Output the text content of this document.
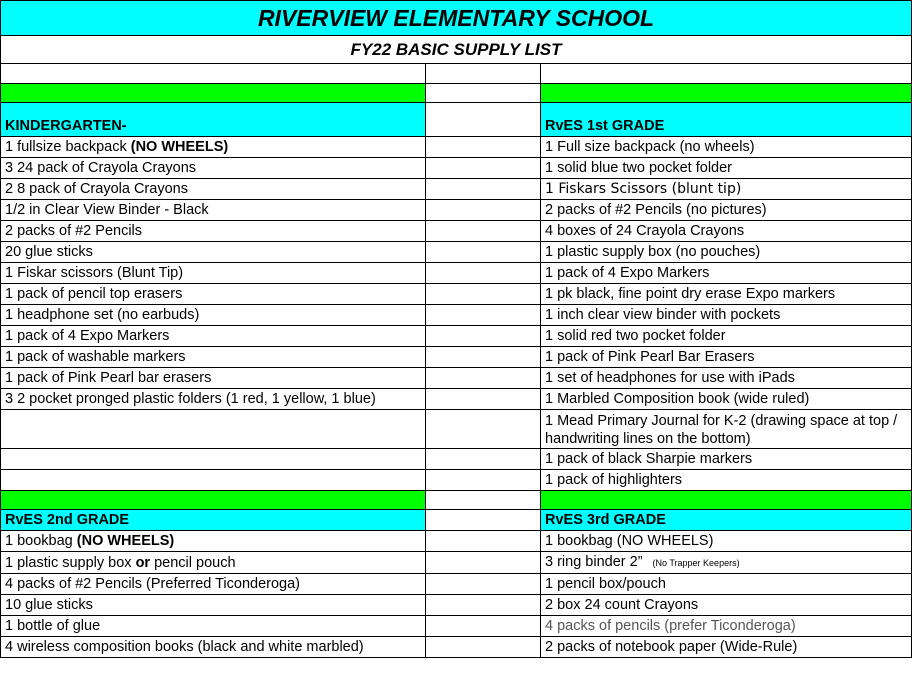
RIVERVIEW ELEMENTARY SCHOOL		
FY22 BASIC SUPPLY LIST		

KINDERGARTEN-		RvES 1st GRADE
1 fullsize backpack (NO WHEELS)		1 Full size backpack (no wheels)
3 24 pack of Crayola Crayons		1 solid blue two pocket folder
2 8 pack of Crayola Crayons		1 Fiskars Scissors (blunt tip)
1/2 in Clear View Binder - Black		2 packs of #2 Pencils (no pictures)
2 packs of #2 Pencils		4 boxes of 24 Crayola Crayons
20 glue sticks		1 plastic supply box (no pouches)
1 Fiskar scissors (Blunt Tip)		1 pack of 4 Expo Markers
1 pack of pencil top erasers		1 pk black, fine point dry erase Expo markers
1 headphone set (no earbuds)		1 inch clear view binder with pockets
1 pack of 4 Expo Markers		1 solid red two pocket folder
1 pack of washable markers		1 pack of Pink Pearl Bar Erasers
1 pack of Pink Pearl bar erasers		1 set of headphones for use with iPads
3 2 pocket pronged plastic folders (1 red, 1 yellow, 1 blue)		1 Marbled Composition book (wide ruled)
		1 Mead Primary Journal for K-2 (drawing space at top / handwriting lines on the bottom)
		1 pack of black Sharpie markers
		1 pack of highlighters

RvES 2nd GRADE		RvES 3rd GRADE
1 bookbag (NO WHEELS)		1 bookbag (NO WHEELS)
1 plastic supply box or pencil pouch		3 ring binder 2” (No Trapper Keepers)
4 packs of #2 Pencils (Preferred Ticonderoga)		1 pencil box/pouch
10 glue sticks		2 box 24 count Crayons
1 bottle of glue		4 packs of pencils (prefer Ticonderoga)
4 wireless composition books (black and white marbled)		2 packs of notebook paper (Wide-Rule)
